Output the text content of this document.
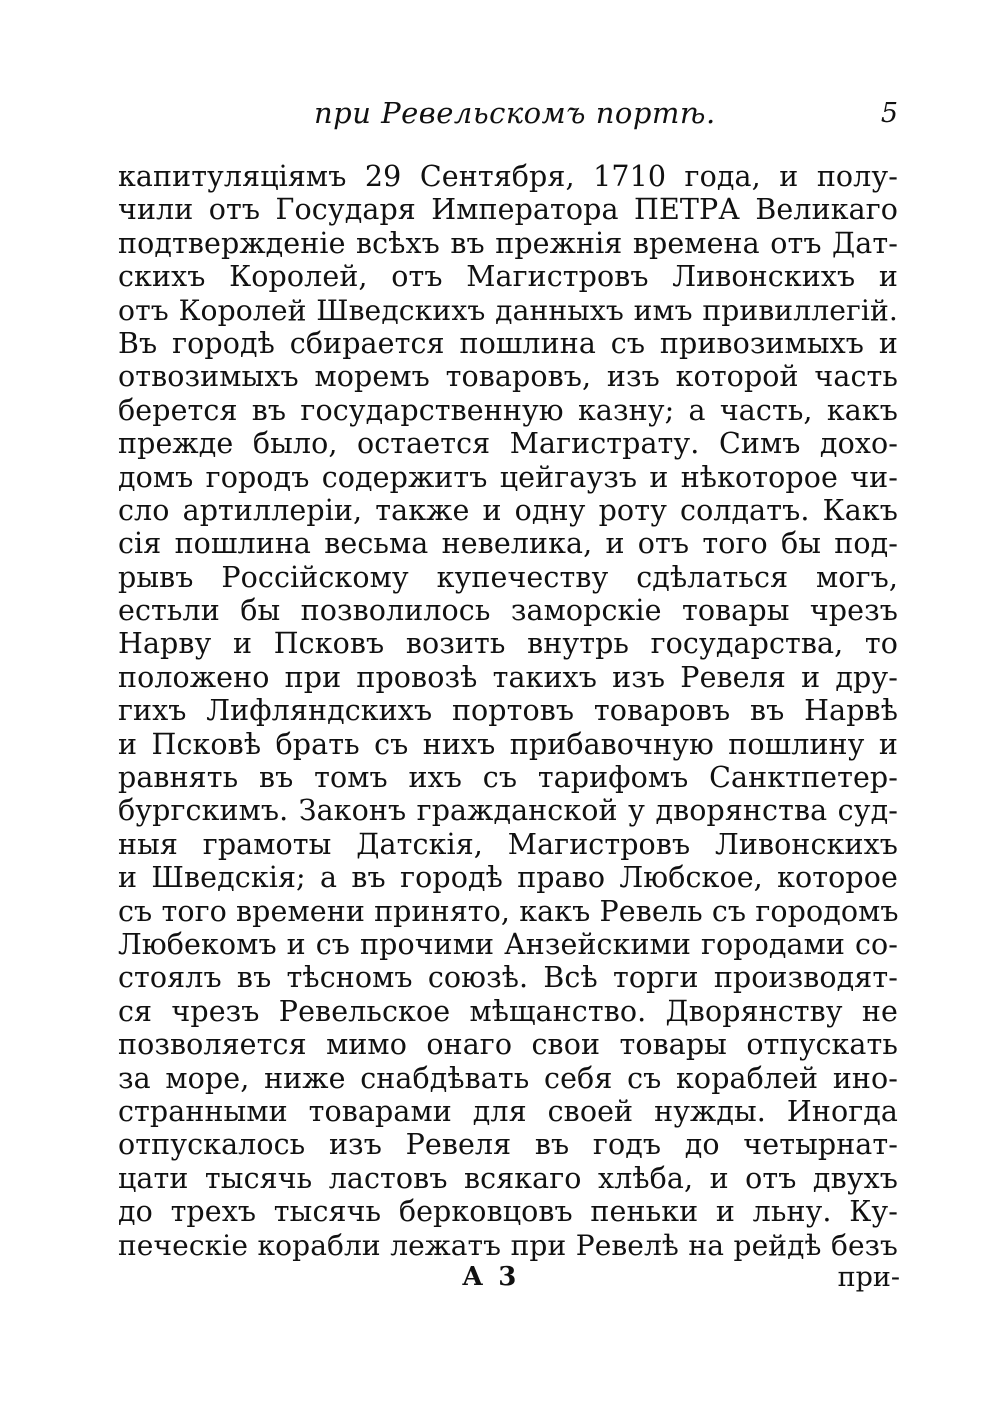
при Ревельскомъ портѣ.	5
капитуляціямъ 29 Сентября, 1710 года, и полу-
чили отъ Государя Императора ПЕТРА Великаго
подтвержденіе всѣхъ въ прежнія времена отъ Дат-
скихъ Королей, отъ Магистровъ Ливонскихъ и
отъ Королей Шведскихъ данныхъ имъ привиллегій.
Въ городѣ сбирается пошлина съ привозимыхъ и
отвозимыхъ моремъ товаровъ, изъ которой часть
берется въ государственную казну; а часть, какъ
прежде было, остается Магистрату. Симъ дохо-
домъ городъ содержитъ цейгаузъ и нѣкоторое чи-
сло артиллеріи, также и одну роту солдатъ. Какъ
сія пошлина весьма невелика, и отъ того бы под-
рывъ Россійскому купечеству сдѣлаться могъ,
естьли бы позволилось заморскіе товары чрезъ
Нарву и Псковъ возить внутрь государства, то
положено при провозѣ такихъ изъ Ревеля и дру-
гихъ Лифляндскихъ портовъ товаровъ въ Нарвѣ
и Псковѣ брать съ нихъ прибавочную пошлину и
равнять въ томъ ихъ съ тарифомъ Санктпетер-
бургскимъ. Законъ гражданской у дворянства суд-
ныя грамоты Датскія, Магистровъ Ливонскихъ
и Шведскія; а въ городѣ право Любское, которое
съ того времени принято, какъ Ревель съ городомъ
Любекомъ и съ прочими Анзейскими городами со-
стоялъ въ тѣсномъ союзѣ. Всѣ торги производят-
ся чрезъ Ревельское мѣщанство. Дворянству не
позволяется мимо онаго свои товары отпускать
за море, ниже снабдѣвать себя съ кораблей ино-
странными товарами для своей нужды. Иногда
отпускалось изъ Ревеля въ годъ до четырнат-
цати тысячь ластовъ всякаго хлѣба, и отъ двухъ
до трехъ тысячь берковцовъ пеньки и льну. Ку-
печескіе корабли лежатъ при Ревелѣ на рейдѣ безъ
А 3	при-
